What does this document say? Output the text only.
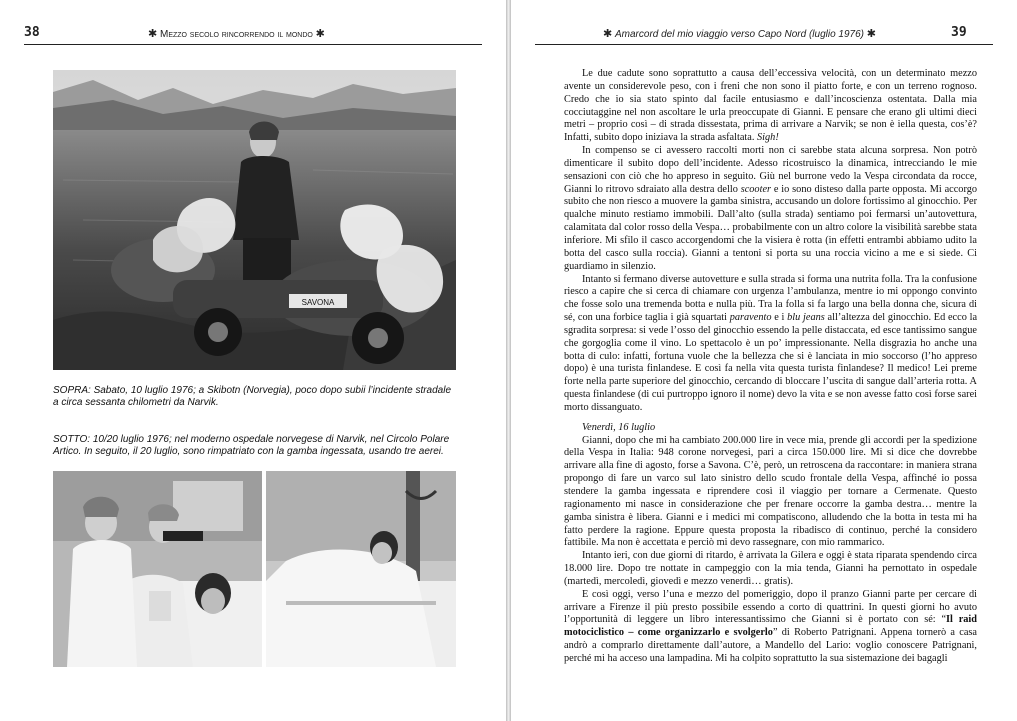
38	✱ Mezzo secolo rincorrendo il mondo ✱
SAVONA
SOPRA: Sabato, 10 luglio 1976; a Skibotn (Norvegia), poco dopo subii l’incidente stradale a circa sessanta chilometri da Narvik.
SOTTO: 10/20 luglio 1976; nel moderno ospedale norvegese di Narvik, nel Circolo Polare Artico. In seguito, il 20 luglio, sono rimpatriato con la gamba ingessata, usando tre aerei.
✱ Amarcord del mio viaggio verso Capo Nord (luglio 1976) ✱	39

Le due cadute sono soprattutto a causa dell’eccessiva velocità, con un determinato mezzo avente un considerevole peso, con i freni che non sono il piatto forte, e con un terreno rognoso. Credo che io sia stato spinto dal facile entusiasmo e dall’incoscienza ostentata. Dalla mia cocciutaggine nel non ascoltare le urla preoccupate di Gianni. E pensare che erano gli ultimi dieci metri – proprio così – di strada dissestata, prima di arrivare a Narvik; se non è iella questa, cos’è? Infatti, subito dopo iniziava la strada asfaltata. Sigh!

In compenso se ci avessero raccolti morti non ci sarebbe stata alcuna sorpresa. Non potrò dimenticare il subito dopo dell’incidente. Adesso ricostruisco la dinamica, intrecciando le mie sensazioni con ciò che ho appreso in seguito. Giù nel burrone vedo la Vespa circondata da rocce, Gianni lo ritrovo sdraiato alla destra dello scooter e io sono disteso dalla parte opposta. Mi accorgo subito che non riesco a muovere la gamba sinistra, accusando un dolore fortissimo al ginocchio. Per qualche minuto restiamo immobili. Dall’alto (sulla strada) sentiamo poi fermarsi un’autovettura, calamitata dal color rosso della Vespa… probabilmente con un altro colore la visibilità sarebbe stata inferiore. Mi sfilo il casco accorgendomi che la visiera è rotta (in effetti entrambi abbiamo udito la botta del casco sulla roccia). Gianni a tentoni si porta su una roccia vicino a me e si siede. Ci guardiamo in silenzio.

Intanto si fermano diverse autovetture e sulla strada si forma una nutrita folla. Tra la confusione riesco a capire che si cerca di chiamare con urgenza l’ambulanza, mentre io mi oppongo convinto che fosse solo una tremenda botta e nulla più. Tra la folla si fa largo una bella donna che, sicura di sé, con una forbice taglia i già squartati paravento e i blu jeans all’altezza del ginocchio. Ed ecco la sgradita sorpresa: si vede l’osso del ginocchio essendo la pelle distaccata, ed esce tantissimo sangue che gorgoglia come il vino. Lo spettacolo è un po’ impressionante. Nella disgrazia ho anche una botta di culo: infatti, fortuna vuole che la bellezza che si è lanciata in mio soccorso (l’ho appreso dopo) è una turista finlandese. E così fa nella vita questa turista finlandese? Il medico! Lei preme forte nella parte superiore del ginocchio, cercando di bloccare l’uscita di sangue dall’arteria rotta. A questa finlandese (di cui purtroppo ignoro il nome) devo la vita e se non avesse fatto così forse sarei morto dissanguato.

Venerdì, 16 luglio

Gianni, dopo che mi ha cambiato 200.000 lire in vece mia, prende gli accordi per la spedizione della Vespa in Italia: 948 corone norvegesi, pari a circa 150.000 lire. Mi si dice che dovrebbe arrivare alla fine di agosto, forse a Savona. C’è, però, un retroscena da raccontare: in maniera strana propongo di fare un varco sul lato sinistro dello scudo frontale della Vespa, affinché io possa stendere la gamba ingessata e riprendere così il viaggio per tornare a Cermenate. Questo ragionamento mi nasce in considerazione che per frenare occorre la gamba destra… mentre la gamba sinistra è libera. Gianni e i medici mi compatiscono, alludendo che la botta in testa mi ha fatto perdere la ragione. Eppure questa proposta la ribadisco di continuo, perché la considero fattibile. Ma non è accettata e perciò mi devo rassegnare, con mio rammarico.

Intanto ieri, con due giorni di ritardo, è arrivata la Gilera e oggi è stata riparata spendendo circa 18.000 lire. Dopo tre nottate in campeggio con la mia tenda, Gianni ha pernottato in ospedale (martedì, mercoledì, giovedì e mezzo venerdì… gratis).

E così oggi, verso l’una e mezzo del pomeriggio, dopo il pranzo Gianni parte per cercare di arrivare a Firenze il più presto possibile essendo a corto di quattrini. In questi giorni ho avuto l’opportunità di leggere un libro interessantissimo che Gianni si è portato con sé: “Il raid motociclistico – come organizzarlo e svolgerlo” di Roberto Patrignani. Appena tornerò a casa andrò a comprarlo direttamente dall’autore, a Mandello del Lario: voglio conoscere Patrignani, perché mi ha acceso una lampadina. Mi ha colpito soprattutto la sua sistemazione dei bagagli
